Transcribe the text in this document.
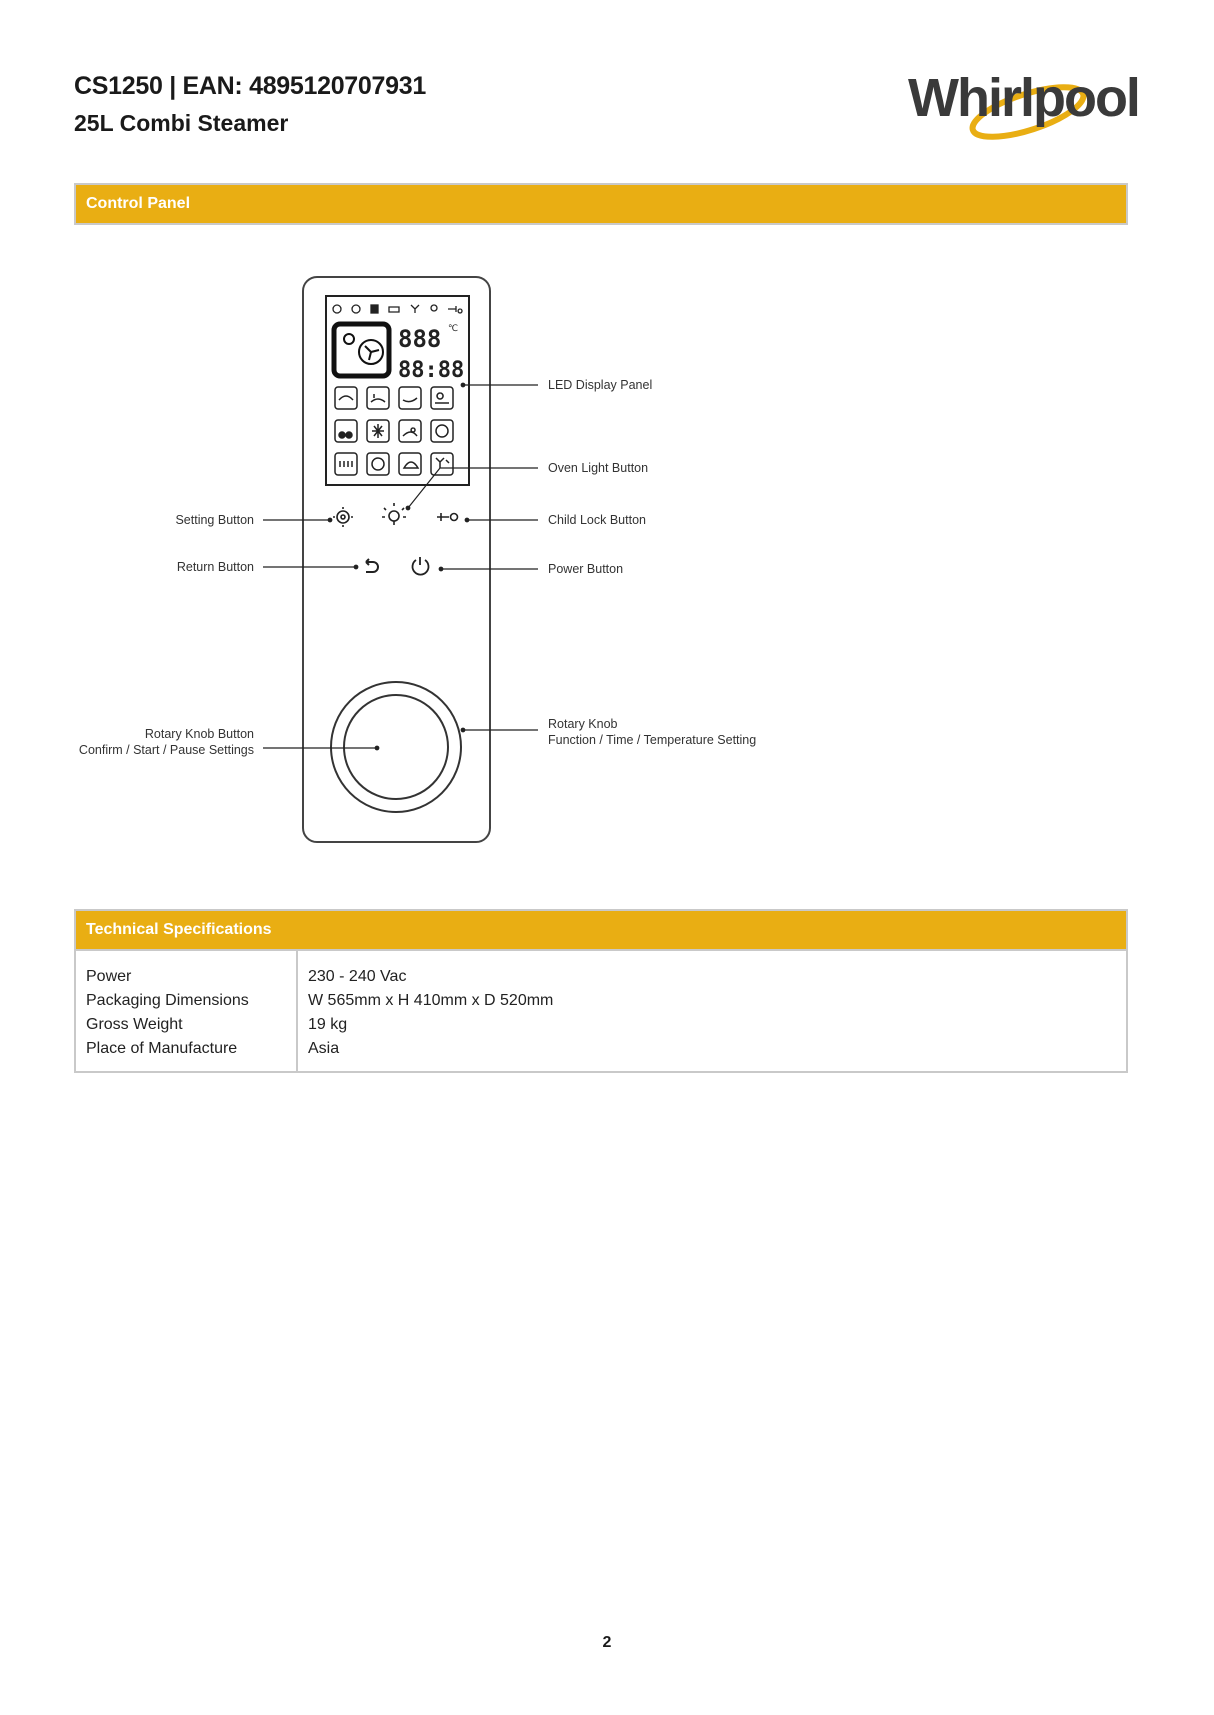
CS1250 | EAN: 4895120707931
25L Combi Steamer	Whirlpool
Control Panel
888
88:88
℃
LED Display Panel
Oven Light Button
Child Lock Button
Power Button
Setting Button
Return Button
Rotary Knob
Function / Time / Temperature Setting
Rotary Knob Button
Confirm / Start / Pause Settings
Technical Specifications
Power
Packaging Dimensions
Gross Weight
Place of Manufacture
230 - 240 Vac
W 565mm x H 410mm x D 520mm
19 kg
Asia
2
